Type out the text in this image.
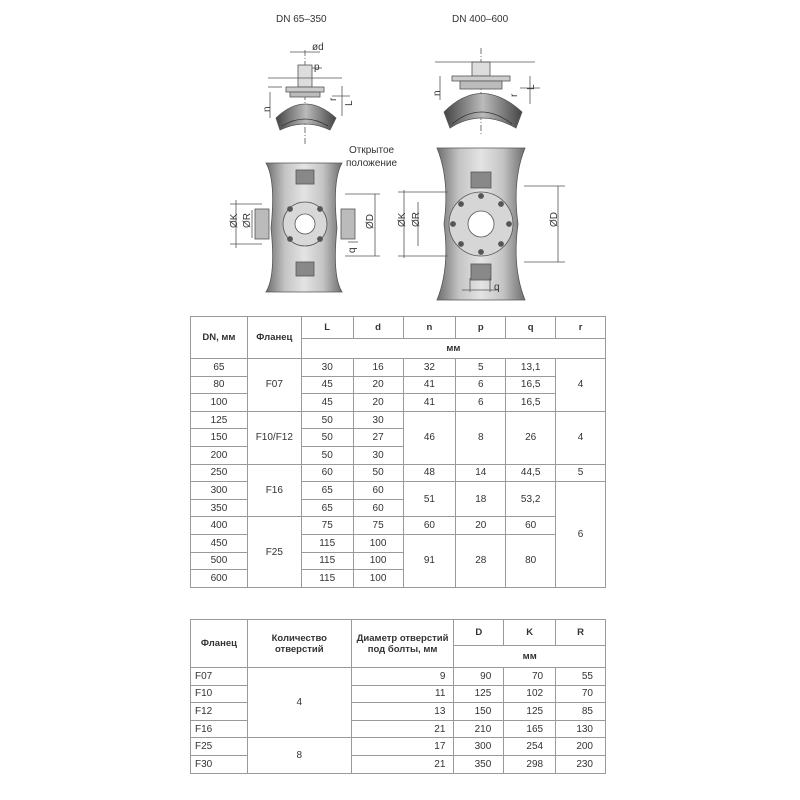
DN 65–350	DN 400–600
Открытое
положение
ød
p
n
r
L
n	r
L
ØK ØR	ØD
q
ØK ØR	ØD
q
DN, мм	Фланец	L	d	n	p	q	r
		мм					
65	F07	30	16	32	5	13,1	4
80		45	20	41	6	16,5	
100		45	20	41	6	16,5	
125	F10/F12	50	30	46	8	26	4
150		50	27				
200		50	30				
250	F16	60	50	48	14	44,5	5
300		65	60	51	18	53,2	6
350		65	60				
400	F25	75	75	60	20	60	
450		115	100	91	28	80	
500		115	100				
600		115	100				
Фланец	Количество отверстий	Диаметр отверстий под болты, мм	D	K	R
			мм		
F07	4	9	90	70	55
F10		11	125	102	70
F12		13	150	125	85
F16		21	210	165	130
F25	8	17	300	254	200
F30		21	350	298	230
